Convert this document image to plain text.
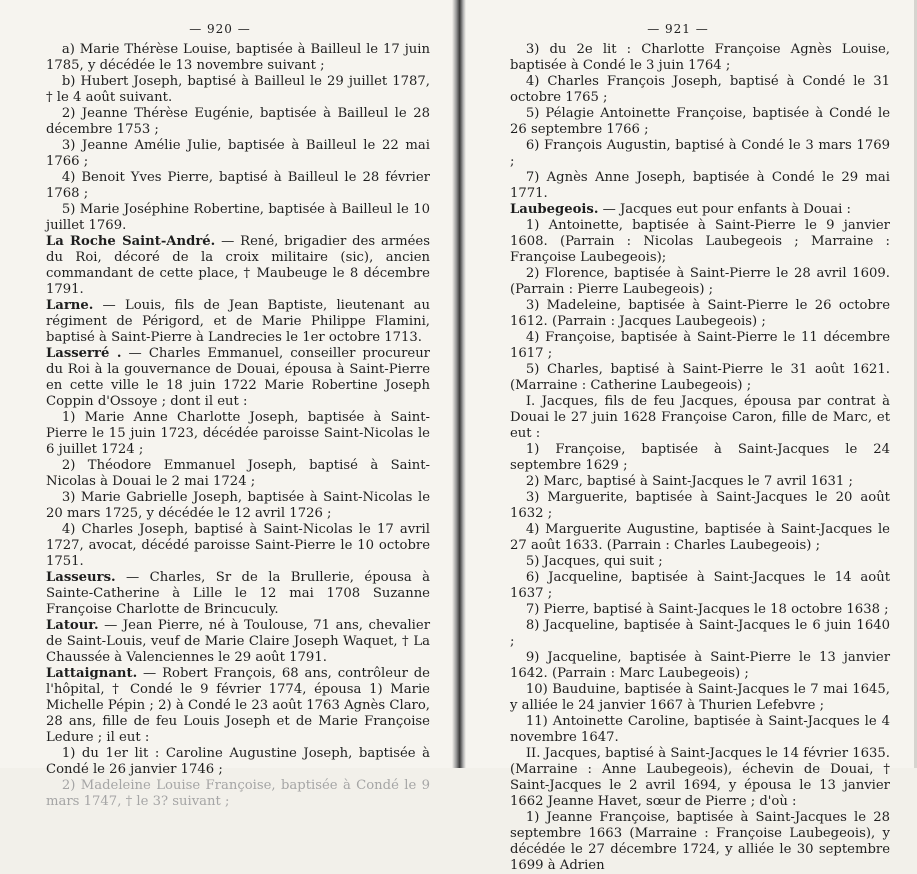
— 920 —

a) Marie Thérèse Louise, baptisée à Bailleul le 17 juin 1785, y décédée le 13 novembre suivant ;

b) Hubert Joseph, baptisé à Bailleul le 29 juillet 1787, † le 4 août suivant.

2) Jeanne Thérèse Eugénie, baptisée à Bailleul le 28 décembre 1753 ;

3) Jeanne Amélie Julie, baptisée à Bailleul le 22 mai 1766 ;

4) Benoit Yves Pierre, baptisé à Bailleul le 28 février 1768 ;

5) Marie Joséphine Robertine, baptisée à Bailleul le 10 juillet 1769.

La Roche Saint-André. — René, brigadier des armées du Roi, décoré de la croix militaire (sic), ancien commandant de cette place, † Maubeuge le 8 décembre 1791.

Larne. — Louis, fils de Jean Baptiste, lieutenant au régiment de Périgord, et de Marie Philippe Flamini, baptisé à Saint-Pierre à Landrecies le 1er octobre 1713.

Lasserré . — Charles Emmanuel, conseiller procureur du Roi à la gouvernance de Douai, épousa à Saint-Pierre en cette ville le 18 juin 1722 Marie Robertine Joseph Coppin d'Ossoye ; dont il eut :

1) Marie Anne Charlotte Joseph, baptisée à Saint-Pierre le 15 juin 1723, décédée paroisse Saint-Nicolas le 6 juillet 1724 ;

2) Théodore Emmanuel Joseph, baptisé à Saint-Nicolas à Douai le 2 mai 1724 ;

3) Marie Gabrielle Joseph, baptisée à Saint-Nicolas le 20 mars 1725, y décédée le 12 avril 1726 ;

4) Charles Joseph, baptisé à Saint-Nicolas le 17 avril 1727, avocat, décédé paroisse Saint-Pierre le 10 octobre 1751.

Lasseurs. — Charles, Sr de la Brullerie, épousa à Sainte-Catherine à Lille le 12 mai 1708 Suzanne Françoise Charlotte de Brincuculy.

Latour. — Jean Pierre, né à Toulouse, 71 ans, chevalier de Saint-Louis, veuf de Marie Claire Joseph Waquet, † La Chaussée à Valenciennes le 29 août 1791.

Lattaignant. — Robert François, 68 ans, contrôleur de l'hôpital, † Condé le 9 février 1774, épousa 1) Marie Michelle Pépin ; 2) à Condé le 23 août 1763 Agnès Claro, 28 ans, fille de feu Louis Joseph et de Marie Françoise Ledure ; il eut :

1) du 1er lit : Caroline Augustine Joseph, baptisée à Condé le 26 janvier 1746 ;

2) Madeleine Louise Françoise, baptisée à Condé le 9 mars 1747, † le 3? suivant ;

— 921 —

3) du 2e lit : Charlotte Françoise Agnès Louise, baptisée à Condé le 3 juin 1764 ;

4) Charles François Joseph, baptisé à Condé le 31 octobre 1765 ;

5) Pélagie Antoinette Françoise, baptisée à Condé le 26 septembre 1766 ;

6) François Augustin, baptisé à Condé le 3 mars 1769 ;

7) Agnès Anne Joseph, baptisée à Condé le 29 mai 1771.

Laubegeois. — Jacques eut pour enfants à Douai :

1) Antoinette, baptisée à Saint-Pierre le 9 janvier 1608. (Parrain : Nicolas Laubegeois ; Marraine : Françoise Laubegeois);

2) Florence, baptisée à Saint-Pierre le 28 avril 1609. (Parrain : Pierre Laubegeois) ;

3) Madeleine, baptisée à Saint-Pierre le 26 octobre 1612. (Parrain : Jacques Laubegeois) ;

4) Françoise, baptisée à Saint-Pierre le 11 décembre 1617 ;

5) Charles, baptisé à Saint-Pierre le 31 août 1621. (Marraine : Catherine Laubegeois) ;

I. Jacques, fils de feu Jacques, épousa par contrat à Douai le 27 juin 1628 Françoise Caron, fille de Marc, et eut :

1) Françoise, baptisée à Saint-Jacques le 24 septembre 1629 ;

2) Marc, baptisé à Saint-Jacques le 7 avril 1631 ;

3) Marguerite, baptisée à Saint-Jacques le 20 août 1632 ;

4) Marguerite Augustine, baptisée à Saint-Jacques le 27 août 1633. (Parrain : Charles Laubegeois) ;

5) Jacques, qui suit ;

6) Jacqueline, baptisée à Saint-Jacques le 14 août 1637 ;

7) Pierre, baptisé à Saint-Jacques le 18 octobre 1638 ;

8) Jacqueline, baptisée à Saint-Jacques le 6 juin 1640 ;

9) Jacqueline, baptisée à Saint-Pierre le 13 janvier 1642. (Parrain : Marc Laubegeois) ;

10) Bauduine, baptisée à Saint-Jacques le 7 mai 1645, y alliée le 24 janvier 1667 à Thurien Lefebvre ;

11) Antoinette Caroline, baptisée à Saint-Jacques le 4 novembre 1647.

II. Jacques, baptisé à Saint-Jacques le 14 février 1635. (Marraine : Anne Laubegeois), échevin de Douai, † Saint-Jacques le 2 avril 1694, y épousa le 13 janvier 1662 Jeanne Havet, sœur de Pierre ; d'où :

1) Jeanne Françoise, baptisée à Saint-Jacques le 28 septembre 1663 (Marraine : Françoise Laubegeois), y décédée le 27 décembre 1724, y alliée le 30 septembre 1699 à Adrien
